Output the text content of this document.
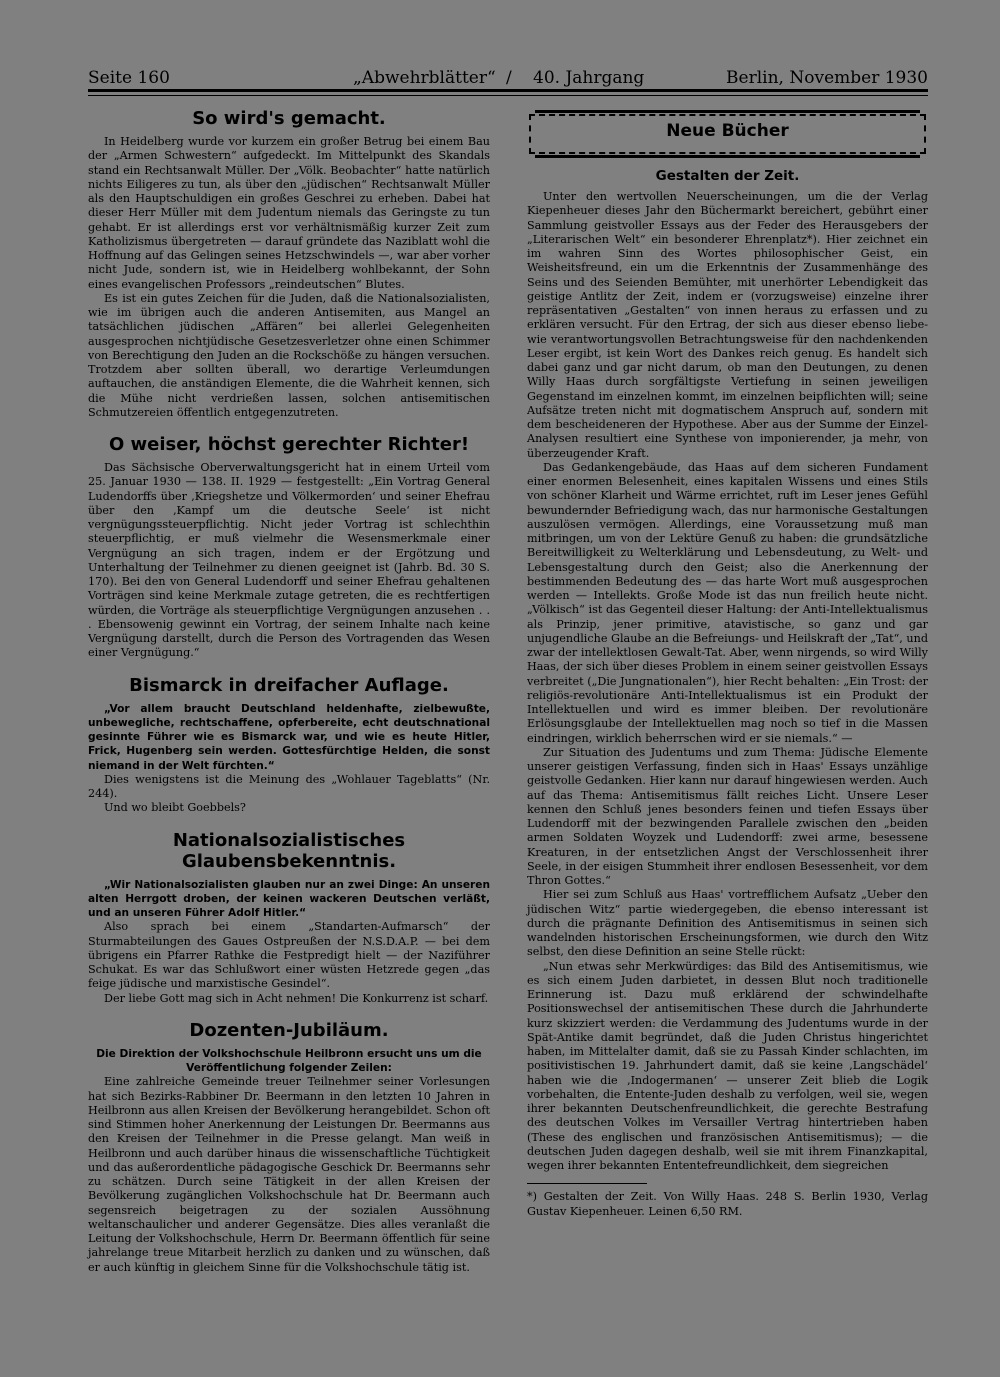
Seite 160	„Abwehrblätter“ / 40. Jahrgang	Berlin, November 1930
So wird's gemacht.

In Heidelberg wurde vor kurzem ein großer Betrug bei einem Bau der „Armen Schwestern“ aufgedeckt. Im Mittelpunkt des Skandals stand ein Rechtsanwalt Müller. Der „Völk. Beobachter“ hatte natürlich nichts Eiligeres zu tun, als über den „jüdischen“ Rechtsanwalt Müller als den Hauptschuldigen ein großes Geschrei zu erheben. Dabei hat dieser Herr Müller mit dem Judentum niemals das Geringste zu tun gehabt. Er ist allerdings erst vor verhältnismäßig kurzer Zeit zum Katholizismus übergetreten — darauf gründete das Naziblatt wohl die Hoffnung auf das Gelingen seines Hetzschwindels —, war aber vorher nicht Jude, sondern ist, wie in Heidelberg wohlbekannt, der Sohn eines evangelischen Professors „reindeutschen“ Blutes.

Es ist ein gutes Zeichen für die Juden, daß die Nationalsozialisten, wie im übrigen auch die anderen Antisemiten, aus Mangel an tatsächlichen jüdischen „Affären“ bei allerlei Gelegenheiten ausgesprochen nichtjüdische Gesetzesverletzer ohne einen Schimmer von Berechtigung den Juden an die Rockschöße zu hängen versuchen. Trotzdem aber sollten überall, wo derartige Verleumdungen auftauchen, die anständigen Elemente, die die Wahrheit kennen, sich die Mühe nicht verdrießen lassen, solchen antisemitischen Schmutzereien öffentlich entgegenzutreten.

O weiser, höchst gerechter Richter!

Das Sächsische Oberverwaltungsgericht hat in einem Urteil vom 25. Januar 1930 — 138. II. 1929 — festgestellt: „Ein Vortrag General Ludendorffs über ‚Kriegshetze und Völkermorden‘ und seiner Ehefrau über den ‚Kampf um die deutsche Seele‘ ist nicht vergnügungssteuerpflichtig. Nicht jeder Vortrag ist schlechthin steuerpflichtig, er muß vielmehr die Wesensmerkmale einer Vergnügung an sich tragen, indem er der Ergötzung und Unterhaltung der Teilnehmer zu dienen geeignet ist (Jahrb. Bd. 30 S. 170). Bei den von General Ludendorff und seiner Ehefrau gehaltenen Vorträgen sind keine Merkmale zutage getreten, die es rechtfertigen würden, die Vorträge als steuerpflichtige Vergnügungen anzusehen . . . Ebensowenig gewinnt ein Vortrag, der seinem Inhalte nach keine Vergnügung darstellt, durch die Person des Vortragenden das Wesen einer Vergnügung.“

Bismarck in dreifacher Auflage.

„Vor allem braucht Deutschland heldenhafte, zielbewußte, unbewegliche, rechtschaffene, opferbereite, echt deutschnational gesinnte Führer wie es Bismarck war, und wie es heute Hitler, Frick, Hugenberg sein werden. Gottesfürchtige Helden, die sonst niemand in der Welt fürchten.“

Dies wenigstens ist die Meinung des „Wohlauer Tageblatts“ (Nr. 244).

Und wo bleibt Goebbels?

Nationalsozialistisches Glaubensbekenntnis.

„Wir Nationalsozialisten glauben nur an zwei Dinge: An unseren alten Herrgott droben, der keinen wackeren Deutschen verläßt, und an unseren Führer Adolf Hitler.“

Also sprach bei einem „Standarten-Aufmarsch“ der Sturmabteilungen des Gaues Ostpreußen der N.S.D.A.P. — bei dem übrigens ein Pfarrer Rathke die Festpredigt hielt — der Naziführer Schukat. Es war das Schlußwort einer wüsten Hetzrede gegen „das feige jüdische und marxistische Gesindel“.

Der liebe Gott mag sich in Acht nehmen! Die Konkurrenz ist scharf.

Dozenten-Jubiläum.

Die Direktion der Volkshochschule Heilbronn ersucht uns um die Veröffentlichung folgender Zeilen:

Eine zahlreiche Gemeinde treuer Teilnehmer seiner Vorlesungen hat sich Bezirks-Rabbiner Dr. Beermann in den letzten 10 Jahren in Heilbronn aus allen Kreisen der Bevölkerung herangebildet. Schon oft sind Stimmen hoher Anerkennung der Leistungen Dr. Beermanns aus den Kreisen der Teilnehmer in die Presse gelangt. Man weiß in Heilbronn und auch darüber hinaus die wissenschaftliche Tüchtigkeit und das außerordentliche pädagogische Geschick Dr. Beermanns sehr zu schätzen. Durch seine Tätigkeit in der allen Kreisen der Bevölkerung zugänglichen Volkshochschule hat Dr. Beermann auch segensreich beigetragen zu der sozialen Aussöhnung weltanschaulicher und anderer Gegensätze. Dies alles veranlaßt die Leitung der Volkshochschule, Herrn Dr. Beermann öffentlich für seine jahrelange treue Mitarbeit herzlich zu danken und zu wünschen, daß er auch künftig in gleichem Sinne für die Volkshochschule tätig ist.

Neue Bücher
Gestalten der Zeit.

Unter den wertvollen Neuerscheinungen, um die der Verlag Kiepenheuer dieses Jahr den Büchermarkt bereichert, gebührt einer Sammlung geistvoller Essays aus der Feder des Herausgebers der „Literarischen Welt“ ein besonderer Ehrenplatz*). Hier zeichnet ein im wahren Sinn des Wortes philosophischer Geist, ein Weisheitsfreund, ein um die Erkenntnis der Zusammenhänge des Seins und des Seienden Bemühter, mit unerhörter Lebendigkeit das geistige Antlitz der Zeit, indem er (vorzugsweise) einzelne ihrer repräsentativen „Gestalten“ von innen heraus zu erfassen und zu erklären versucht. Für den Ertrag, der sich aus dieser ebenso liebe- wie verantwortungsvollen Betrachtungsweise für den nachdenkenden Leser ergibt, ist kein Wort des Dankes reich genug. Es handelt sich dabei ganz und gar nicht darum, ob man den Deutungen, zu denen Willy Haas durch sorgfältigste Vertiefung in seinen jeweiligen Gegenstand im einzelnen kommt, im einzelnen beipflichten will; seine Aufsätze treten nicht mit dogmatischem Anspruch auf, sondern mit dem bescheideneren der Hypothese. Aber aus der Summe der Einzel-Analysen resultiert eine Synthese von imponierender, ja mehr, von überzeugender Kraft.

Das Gedankengebäude, das Haas auf dem sicheren Fundament einer enormen Belesenheit, eines kapitalen Wissens und eines Stils von schöner Klarheit und Wärme errichtet, ruft im Leser jenes Gefühl bewundernder Befriedigung wach, das nur harmonische Gestaltungen auszulösen vermögen. Allerdings, eine Voraussetzung muß man mitbringen, um von der Lektüre Genuß zu haben: die grundsätzliche Bereitwilligkeit zu Welterklärung und Lebensdeutung, zu Welt- und Lebensgestaltung durch den Geist; also die Anerkennung der bestimmenden Bedeutung des — das harte Wort muß ausgesprochen werden — Intellekts. Große Mode ist das nun freilich heute nicht. „Völkisch“ ist das Gegenteil dieser Haltung: der Anti-Intellektualismus als Prinzip, jener primitive, atavistische, so ganz und gar unjugendliche Glaube an die Befreiungs- und Heilskraft der „Tat“, und zwar der intellektlosen Gewalt-Tat. Aber, wenn nirgends, so wird Willy Haas, der sich über dieses Problem in einem seiner geistvollen Essays verbreitet („Die Jungnationalen“), hier Recht behalten: „Ein Trost: der religiös-revolutionäre Anti-Intellektualismus ist ein Produkt der Intellektuellen und wird es immer bleiben. Der revolutionäre Erlösungsglaube der Intellektuellen mag noch so tief in die Massen eindringen, wirklich beherrschen wird er sie niemals.“ —

Zur Situation des Judentums und zum Thema: Jüdische Elemente unserer geistigen Verfassung, finden sich in Haas' Essays unzählige geistvolle Gedanken. Hier kann nur darauf hingewiesen werden. Auch auf das Thema: Antisemitismus fällt reiches Licht. Unsere Leser kennen den Schluß jenes besonders feinen und tiefen Essays über Ludendorff mit der bezwingenden Parallele zwischen den „beiden armen Soldaten Woyzek und Ludendorff: zwei arme, besessene Kreaturen, in der entsetzlichen Angst der Verschlossenheit ihrer Seele, in der eisigen Stummheit ihrer endlosen Besessenheit, vor dem Thron Gottes.“

Hier sei zum Schluß aus Haas' vortrefflichem Aufsatz „Ueber den jüdischen Witz“ partie wiedergegeben, die ebenso interessant ist durch die prägnante Definition des Antisemitismus in seinen sich wandelnden historischen Erscheinungsformen, wie durch den Witz selbst, den diese Definition an seine Stelle rückt:

„Nun etwas sehr Merkwürdiges: das Bild des Antisemitismus, wie es sich einem Juden darbietet, in dessen Blut noch traditionelle Erinnerung ist. Dazu muß erklärend der schwindelhafte Positionswechsel der antisemitischen These durch die Jahrhunderte kurz skizziert werden: die Verdammung des Judentums wurde in der Spät-Antike damit begründet, daß die Juden Christus hingerichtet haben, im Mittelalter damit, daß sie zu Passah Kinder schlachten, im positivistischen 19. Jahrhundert damit, daß sie keine ‚Langschädel‘ haben wie die ‚Indogermanen‘ — unserer Zeit blieb die Logik vorbehalten, die Entente-Juden deshalb zu verfolgen, weil sie, wegen ihrer bekannten Deutschenfreundlichkeit, die gerechte Bestrafung des deutschen Volkes im Versailler Vertrag hintertrieben haben (These des englischen und französischen Antisemitismus); — die deutschen Juden dagegen deshalb, weil sie mit ihrem Finanzkapital, wegen ihrer bekannten Ententefreundlichkeit, dem siegreichen

*) Gestalten der Zeit. Von Willy Haas. 248 S. Berlin 1930, Verlag Gustav Kiepenheuer. Leinen 6,50 RM.
